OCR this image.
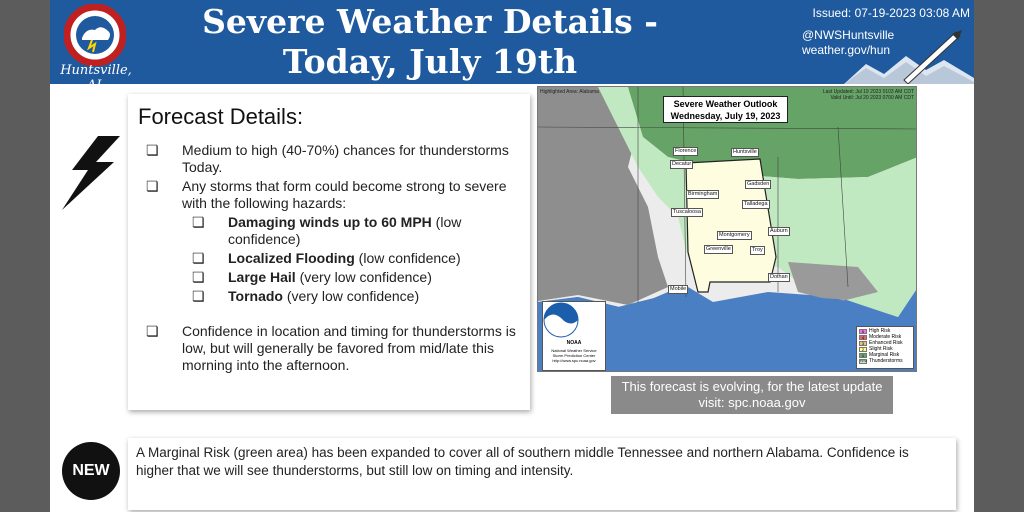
Huntsville, AL
Severe Weather Details -
Today, July 19th
Issued: 07-19-2023 03:08 AM
@NWSHuntsville
weather.gov/hun
Forecast Details:
❏ Medium to high (40-70%) chances for thunderstorms Today.
❏ Any storms that form could become strong to severe with the following hazards:
❏ Damaging winds up to 60 MPH (low confidence)
❏ Localized Flooding (low confidence)
❏ Large Hail (very low confidence)
❏ Tornado (very low confidence)
❏ Confidence in location and timing for thunderstorms is low, but will generally be favored from mid/late this morning into the afternoon.
Highlighted Area: Alabama	Last Updated: Jul 19 2023 0103 AM CDT
Valid Until: Jul 20 2023 0700 AM CDT
Severe Weather Outlook
Wednesday, July 19, 2023
Florence
Decatur
Huntsville
Birmingham
Gadsden
Tuscaloosa
Talladega
Montgomery
Auburn
Greenville	Troy
Dothan
Mobile
NOAA
National Weather Service
Storm Prediction Center
http://www.spc.noaa.gov
5 High Risk
4 Moderate Risk
3 Enhanced Risk
2 Slight Risk
1 Marginal Risk
TSTM Thunderstorms
This forecast is evolving, for the latest update visit: spc.noaa.gov
NEW
A Marginal Risk (green area) has been expanded to cover all of southern middle Tennessee and northern Alabama. Confidence is higher that we will see thunderstorms, but still low on timing and intensity.
